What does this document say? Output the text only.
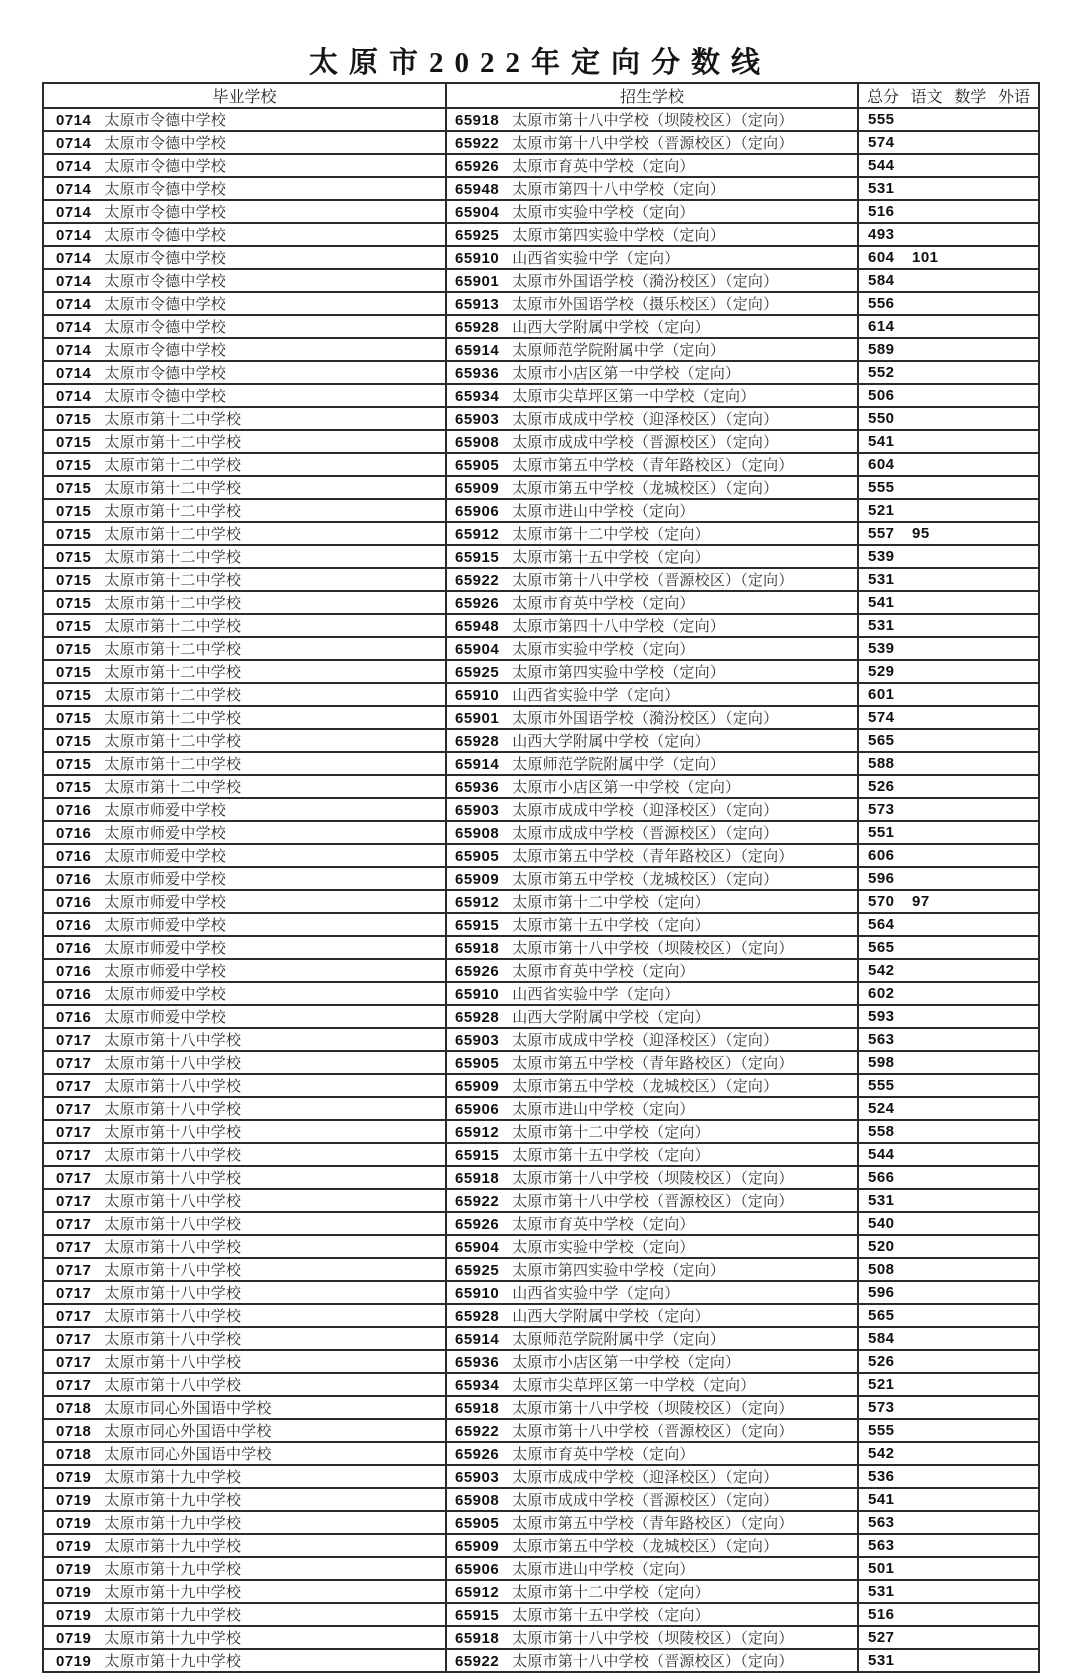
太原市2022年定向分数线
毕业学校	招生学校	总分 语文 数学 外语

0714 太原市令德中学校	65918 太原市第十八中学校（坝陵校区）（定向）	555
0714 太原市令德中学校	65922 太原市第十八中学校（晋源校区）（定向）	574
0714 太原市令德中学校	65926 太原市育英中学校（定向）	544
0714 太原市令德中学校	65948 太原市第四十八中学校（定向）	531
0714 太原市令德中学校	65904 太原市实验中学校（定向）	516
0714 太原市令德中学校	65925 太原市第四实验中学校（定向）	493
0714 太原市令德中学校	65910 山西省实验中学（定向）	604 101
0714 太原市令德中学校	65901 太原市外国语学校（漪汾校区）（定向）	584
0714 太原市令德中学校	65913 太原市外国语学校（摄乐校区）（定向）	556
0714 太原市令德中学校	65928 山西大学附属中学校（定向）	614
0714 太原市令德中学校	65914 太原师范学院附属中学（定向）	589
0714 太原市令德中学校	65936 太原市小店区第一中学校（定向）	552
0714 太原市令德中学校	65934 太原市尖草坪区第一中学校（定向）	506
0715 太原市第十二中学校	65903 太原市成成中学校（迎泽校区）（定向）	550
0715 太原市第十二中学校	65908 太原市成成中学校（晋源校区）（定向）	541
0715 太原市第十二中学校	65905 太原市第五中学校（青年路校区）（定向）	604
0715 太原市第十二中学校	65909 太原市第五中学校（龙城校区）（定向）	555
0715 太原市第十二中学校	65906 太原市进山中学校（定向）	521
0715 太原市第十二中学校	65912 太原市第十二中学校（定向）	557 95
0715 太原市第十二中学校	65915 太原市第十五中学校（定向）	539
0715 太原市第十二中学校	65922 太原市第十八中学校（晋源校区）（定向）	531
0715 太原市第十二中学校	65926 太原市育英中学校（定向）	541
0715 太原市第十二中学校	65948 太原市第四十八中学校（定向）	531
0715 太原市第十二中学校	65904 太原市实验中学校（定向）	539
0715 太原市第十二中学校	65925 太原市第四实验中学校（定向）	529
0715 太原市第十二中学校	65910 山西省实验中学（定向）	601
0715 太原市第十二中学校	65901 太原市外国语学校（漪汾校区）（定向）	574
0715 太原市第十二中学校	65928 山西大学附属中学校（定向）	565
0715 太原市第十二中学校	65914 太原师范学院附属中学（定向）	588
0715 太原市第十二中学校	65936 太原市小店区第一中学校（定向）	526
0716 太原市师爱中学校	65903 太原市成成中学校（迎泽校区）（定向）	573
0716 太原市师爱中学校	65908 太原市成成中学校（晋源校区）（定向）	551
0716 太原市师爱中学校	65905 太原市第五中学校（青年路校区）（定向）	606
0716 太原市师爱中学校	65909 太原市第五中学校（龙城校区）（定向）	596
0716 太原市师爱中学校	65912 太原市第十二中学校（定向）	570 97
0716 太原市师爱中学校	65915 太原市第十五中学校（定向）	564
0716 太原市师爱中学校	65918 太原市第十八中学校（坝陵校区）（定向）	565
0716 太原市师爱中学校	65926 太原市育英中学校（定向）	542
0716 太原市师爱中学校	65910 山西省实验中学（定向）	602
0716 太原市师爱中学校	65928 山西大学附属中学校（定向）	593
0717 太原市第十八中学校	65903 太原市成成中学校（迎泽校区）（定向）	563
0717 太原市第十八中学校	65905 太原市第五中学校（青年路校区）（定向）	598
0717 太原市第十八中学校	65909 太原市第五中学校（龙城校区）（定向）	555
0717 太原市第十八中学校	65906 太原市进山中学校（定向）	524
0717 太原市第十八中学校	65912 太原市第十二中学校（定向）	558
0717 太原市第十八中学校	65915 太原市第十五中学校（定向）	544
0717 太原市第十八中学校	65918 太原市第十八中学校（坝陵校区）（定向）	566
0717 太原市第十八中学校	65922 太原市第十八中学校（晋源校区）（定向）	531
0717 太原市第十八中学校	65926 太原市育英中学校（定向）	540
0717 太原市第十八中学校	65904 太原市实验中学校（定向）	520
0717 太原市第十八中学校	65925 太原市第四实验中学校（定向）	508
0717 太原市第十八中学校	65910 山西省实验中学（定向）	596
0717 太原市第十八中学校	65928 山西大学附属中学校（定向）	565
0717 太原市第十八中学校	65914 太原师范学院附属中学（定向）	584
0717 太原市第十八中学校	65936 太原市小店区第一中学校（定向）	526
0717 太原市第十八中学校	65934 太原市尖草坪区第一中学校（定向）	521
0718 太原市同心外国语中学校	65918 太原市第十八中学校（坝陵校区）（定向）	573
0718 太原市同心外国语中学校	65922 太原市第十八中学校（晋源校区）（定向）	555
0718 太原市同心外国语中学校	65926 太原市育英中学校（定向）	542
0719 太原市第十九中学校	65903 太原市成成中学校（迎泽校区）（定向）	536
0719 太原市第十九中学校	65908 太原市成成中学校（晋源校区）（定向）	541
0719 太原市第十九中学校	65905 太原市第五中学校（青年路校区）（定向）	563
0719 太原市第十九中学校	65909 太原市第五中学校（龙城校区）（定向）	563
0719 太原市第十九中学校	65906 太原市进山中学校（定向）	501
0719 太原市第十九中学校	65912 太原市第十二中学校（定向）	531
0719 太原市第十九中学校	65915 太原市第十五中学校（定向）	516
0719 太原市第十九中学校	65918 太原市第十八中学校（坝陵校区）（定向）	527
0719 太原市第十九中学校	65922 太原市第十八中学校（晋源校区）（定向）	531
